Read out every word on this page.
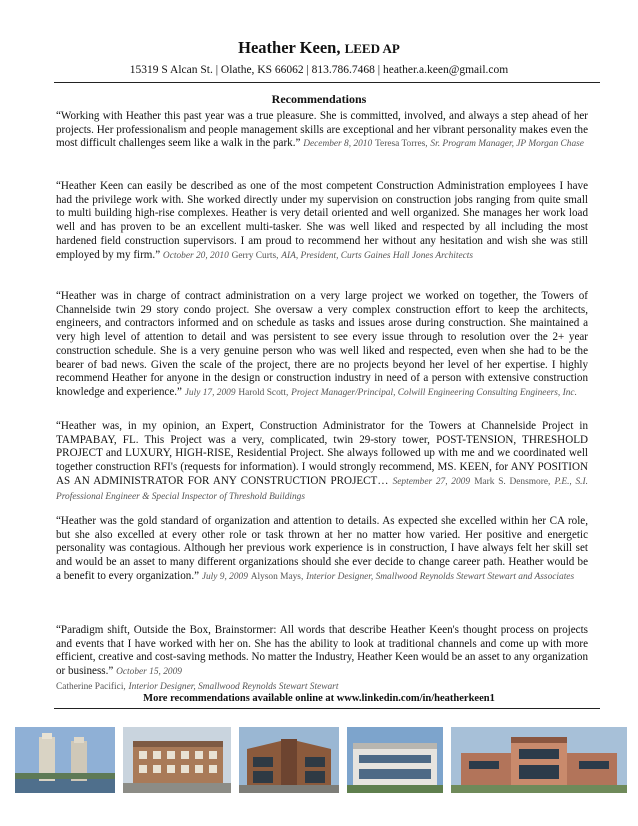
Heather Keen, LEED AP
15319 S Alcan St. | Olathe, KS 66062 | 813.786.7468 | heather.a.keen@gmail.com
Recommendations
“Working with Heather this past year was a true pleasure. She is committed, involved, and always a step ahead of her projects. Her professionalism and people management skills are exceptional and her vibrant personality makes even the most difficult challenges seem like a walk in the park.” December 8, 2010 Teresa Torres, Sr. Program Manager, JP Morgan Chase
“Heather Keen can easily be described as one of the most competent Construction Administration employees I have had the privilege work with. She worked directly under my supervision on construction jobs ranging from quite small to multi building high-rise complexes. Heather is very detail oriented and well organized. She manages her work load well and has proven to be an excellent multi-tasker. She was well liked and respected by all including the most hardened field construction supervisors. I am proud to recommend her without any hesitation and wish she was still employed by my firm.” October 20, 2010 Gerry Curts, AIA, President, Curts Gaines Hall Jones Architects
“Heather was in charge of contract administration on a very large project we worked on together, the Towers of Channelside twin 29 story condo project. She oversaw a very complex construction effort to keep the architects, engineers, and contractors informed and on schedule as tasks and issues arose during construction. She maintained a very high level of attention to detail and was persistent to see every issue through to resolution over the 2+ year construction schedule. She is a very genuine person who was well liked and respected, even when she had to be the bearer of bad news. Given the scale of the project, there are no projects beyond her level of her expertise. I highly recommend Heather for anyone in the design or construction industry in need of a person with extensive construction knowledge and experience.” July 17, 2009 Harold Scott, Project Manager/Principal, Colwill Engineering Consulting Engineers, Inc.
“Heather was, in my opinion, an Expert, Construction Administrator for the Towers at Channelside Project in TAMPABAY, FL. This Project was a very, complicated, twin 29-story tower, POST-TENSION, THRESHOLD PROJECT and LUXURY, HIGH-RISE, Residential Project. She always followed up with me and we coordinated well together construction RFI's (requests for information). I would strongly recommend, MS. KEEN, for ANY POSITION AS AN ADMINISTRATOR FOR ANY CONSTRUCTION PROJECT… September 27, 2009 Mark S. Densmore, P.E., S.I. Professional Engineer & Special Inspector of Threshold Buildings
“Heather was the gold standard of organization and attention to details. As expected she excelled within her CA role, but she also excelled at every other role or task thrown at her no matter how varied. Her positive and energetic personality was contagious. Although her previous work experience is in construction, I have always felt her skill set and would be an asset to many different organizations should she ever decide to change career path. Heather would be a benefit to every organization.” July 9, 2009 Alyson Mays, Interior Designer, Smallwood Reynolds Stewart Stewart and Associates
“Paradigm shift, Outside the Box, Brainstormer: All words that describe Heather Keen's thought process on projects and events that I have worked with her on. She has the ability to look at traditional channels and come up with more efficient, creative and cost-saving methods. No matter the Industry, Heather Keen would be an asset to any organization or business.” October 15, 2009
Catherine Pacifici, Interior Designer, Smallwood Reynolds Stewart Stewart
More recommendations available online at www.linkedin.com/in/heatherkeen1
